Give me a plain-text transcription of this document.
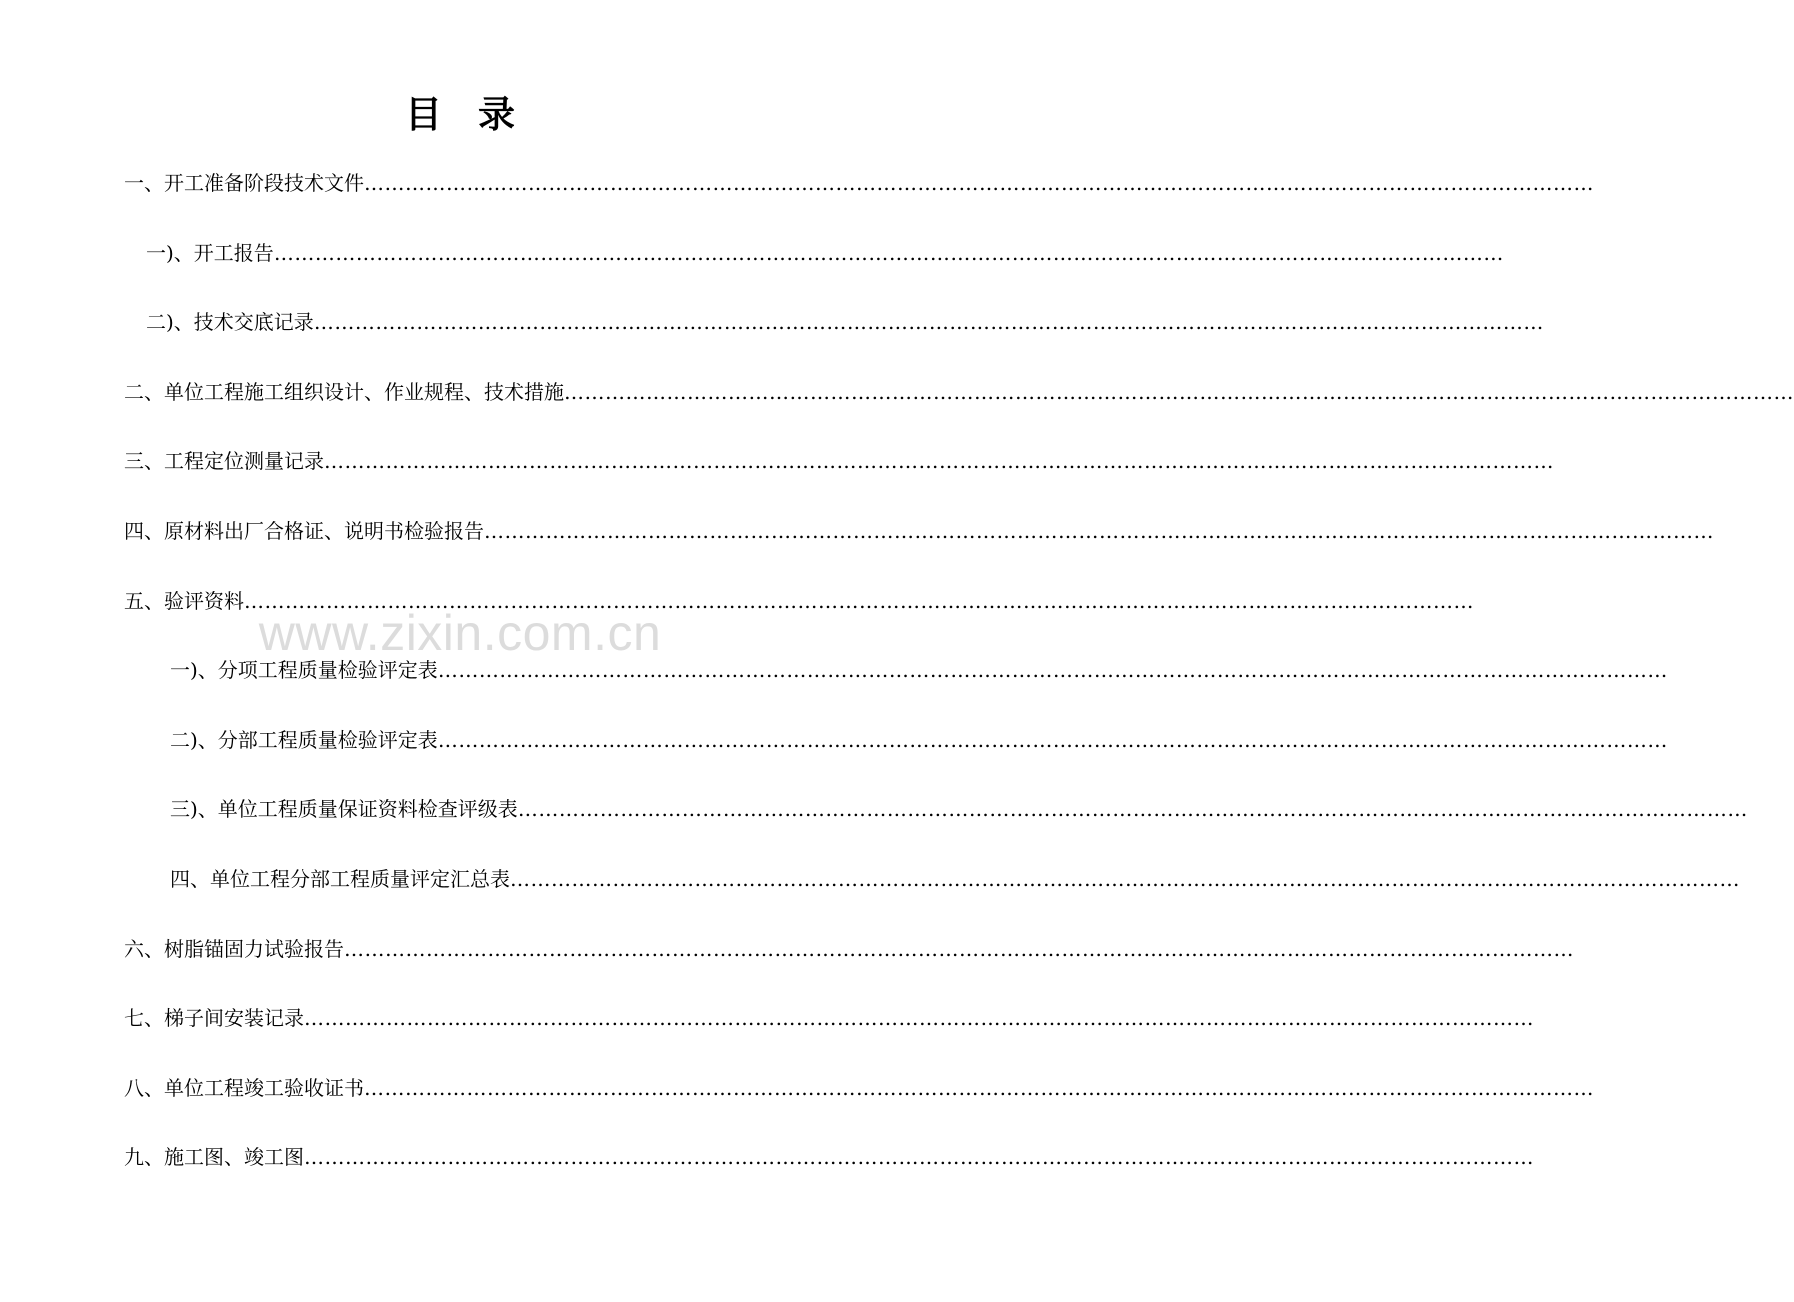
目 录
一、开工准备阶段技术文件 ………………………………………………………………………………………………………………………………………………………………
一)、开工报告 ………………………………………………………………………………………………………………………………………………………………
二)、技术交底记录 ………………………………………………………………………………………………………………………………………………………………
二、单位工程施工组织设计、作业规程、技术措施 ………………………………………………………………………………………………………………………………………………………………
三、工程定位测量记录 ………………………………………………………………………………………………………………………………………………………………
四、原材料出厂合格证、说明书检验报告 ………………………………………………………………………………………………………………………………………………………………
五、验评资料 ………………………………………………………………………………………………………………………………………………………………
一)、分项工程质量检验评定表 ………………………………………………………………………………………………………………………………………………………………
二)、分部工程质量检验评定表 ………………………………………………………………………………………………………………………………………………………………
三)、单位工程质量保证资料检查评级表 ………………………………………………………………………………………………………………………………………………………………
四、单位工程分部工程质量评定汇总表 ………………………………………………………………………………………………………………………………………………………………
六、树脂锚固力试验报告 ………………………………………………………………………………………………………………………………………………………………
七、梯子间安装记录 ………………………………………………………………………………………………………………………………………………………………
八、单位工程竣工验收证书 ………………………………………………………………………………………………………………………………………………………………
九、施工图、竣工图 ………………………………………………………………………………………………………………………………………………………………
www.zixin.com.cn
